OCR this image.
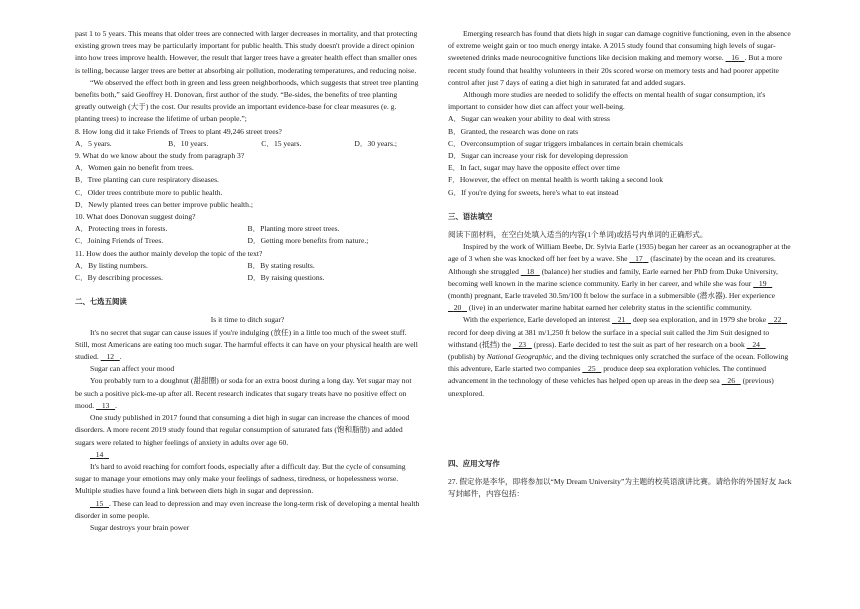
past 1 to 5 years. This means that older trees are connected with larger decreases in mortality, and that protecting existing grown trees may be particularly important for public health. This study doesn't provide a direct opinion into how trees improve health. However, the result that larger trees have a greater health effect than smaller ones is telling, because larger trees are better at absorbing air pollution, moderating temperatures, and reducing noise.

“We observed the effect both in green and less green neighborhoods, which suggests that street tree planting benefits both,” said Geoffrey H. Donovan, first author of the study. “Be-sides, the benefits of tree planting greatly outweigh (大于) the cost. Our results provide an important evidence-base for clear measures (e. g. planting trees) to increase the lifetime of urban people.”;

8. How long did it take Friends of Trees to plant 49,246 street trees?

A．5 years.	B．10 years.	C．15 years.	D．30 years.;

9. What do we know about the study from paragraph 3?

A．Women gain no benefit from trees.

B．Tree planting can cure respiratory diseases.

C．Older trees contribute more to public health.

D．Newly planted trees can better improve public health.;

10. What does Donovan suggest doing?

A．Protecting trees in forests.	B．Planting more street trees.
C．Joining Friends of Trees.	D．Getting more benefits from nature.;

11. How does the author mainly develop the topic of the text?

A．By listing numbers.	B．By stating results.
C．By describing processes.	D．By raising questions.

二、七选五阅读

Is it time to ditch sugar?

It's no secret that sugar can cause issues if you're indulging (放任) in a little too much of the sweet stuff. Still, most Americans are eating too much sugar. The harmful effects it can have on your physical health are well studied. 12 .

Sugar can affect your mood

You probably turn to a doughnut (甜甜圈) or soda for an extra boost during a long day. Yet sugar may not be such a positive pick-me-up after all. Recent research indicates that sugary treats have no positive effect on mood. 13 .

One study published in 2017 found that consuming a diet high in sugar can increase the chances of mood disorders. A more recent 2019 study found that regular consumption of saturated fats (饱和脂肪) and added sugars were related to higher feelings of anxiety in adults over age 60.

14

It's hard to avoid reaching for comfort foods, especially after a difficult day. But the cycle of consuming sugar to manage your emotions may only make your feelings of sadness, tiredness, or hopelessness worse. Multiple studies have found a link between diets high in sugar and depression.

15 . These can lead to depression and may even increase the long-term risk of developing a mental health disorder in some people.

Sugar destroys your brain power

Emerging research has found that diets high in sugar can damage cognitive functioning, even in the absence of extreme weight gain or too much energy intake. A 2015 study found that consuming high levels of sugar-sweetened drinks made neurocognitive functions like decision making and memory worse. 16 . But a more recent study found that healthy volunteers in their 20s scored worse on memory tests and had poorer appetite control after just 7 days of eating a diet high in saturated fat and added sugars.

Although more studies are needed to solidify the effects on mental health of sugar consumption, it's important to consider how diet can affect your well-being.

A．Sugar can weaken your ability to deal with stress

B．Granted, the research was done on rats

C．Overconsumption of sugar triggers imbalances in certain brain chemicals

D．Sugar can increase your risk for developing depression

E．In fact, sugar may have the opposite effect over time

F．However, the effect on mental health is worth taking a second look

G．If you're dying for sweets, here's what to eat instead

三、语法填空

阅读下面材料，在空白处填入适当的内容(1个单词)或括号内单词的正确形式。

Inspired by the work of William Beebe, Dr. Sylvia Earle (1935) began her career as an oceanographer at the age of 3 when she was knocked off her feet by a wave. She 17 (fascinate) by the ocean and its creatures. Although she struggled 18 (balance) her studies and family, Earle earned her PhD from Duke University, becoming well known in the marine science community. Early in her career, and while she was four 19    (month) pregnant, Earle traveled 30.5m/100 ft below the surface in a submersible (潜水器). Her experience    20 (live) in an underwater marine habitat earned her celebrity status in the scientific community.

With the experience, Earle developed an interest 21 deep sea exploration, and in 1979 she broke 22    record for deep diving at 381 m/1,250 ft below the surface in a special suit called the Jim Suit designed to withstand (抵挡) the 23 (press). Earle decided to test the suit as part of her research on a book 24    (publish) by National Geographic, and the diving techniques only scratched the surface of the ocean. Following this adventure, Earle started two companies 25 produce deep sea exploration vehicles. The continued advancement in the technology of these vehicles has helped open up areas in the deep sea 26 (previous) unexplored.

四、应用文写作

27. 假定你是李华，即将参加以“My Dream University”为主题的校英语演讲比赛。请给你的外国好友 Jack 写封邮件，内容包括：
